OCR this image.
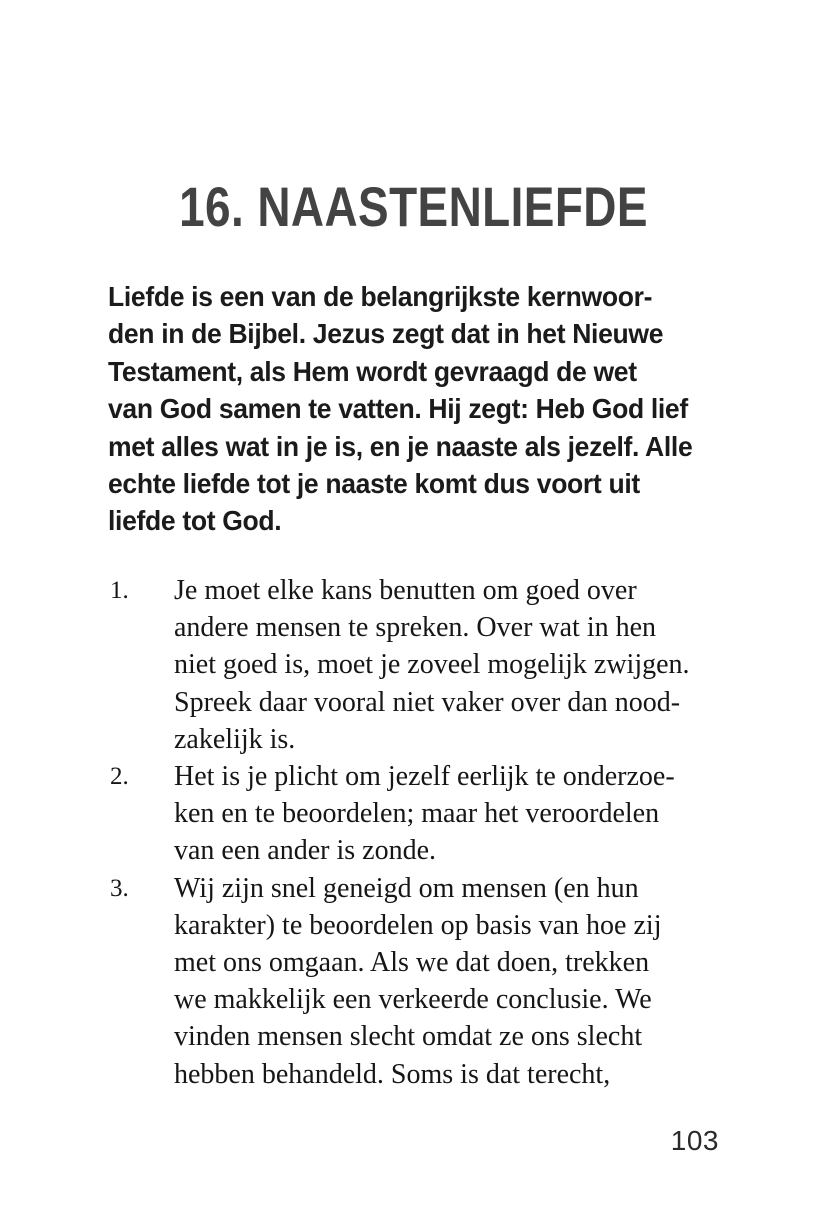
16. NAASTENLIEFDE
Liefde is een van de belangrijkste kernwoor-
den in de Bijbel. Jezus zegt dat in het Nieuwe
Testament, als Hem wordt gevraagd de wet
van God samen te vatten. Hij zegt: Heb God lief
met alles wat in je is, en je naaste als jezelf. Alle
echte liefde tot je naaste komt dus voort uit
liefde tot God.
1.	Je moet elke kans benutten om goed over
andere mensen te spreken. Over wat in hen
niet goed is, moet je zoveel mogelijk zwijgen.
Spreek daar vooral niet vaker over dan nood-
zakelijk is.
2.	Het is je plicht om jezelf eerlijk te onderzoe-
ken en te beoordelen; maar het veroordelen
van een ander is zonde.
3.	Wij zijn snel geneigd om mensen (en hun
karakter) te beoordelen op basis van hoe zij
met ons omgaan. Als we dat doen, trekken
we makkelijk een verkeerde conclusie. We
vinden mensen slecht omdat ze ons slecht
hebben behandeld. Soms is dat terecht,
103
